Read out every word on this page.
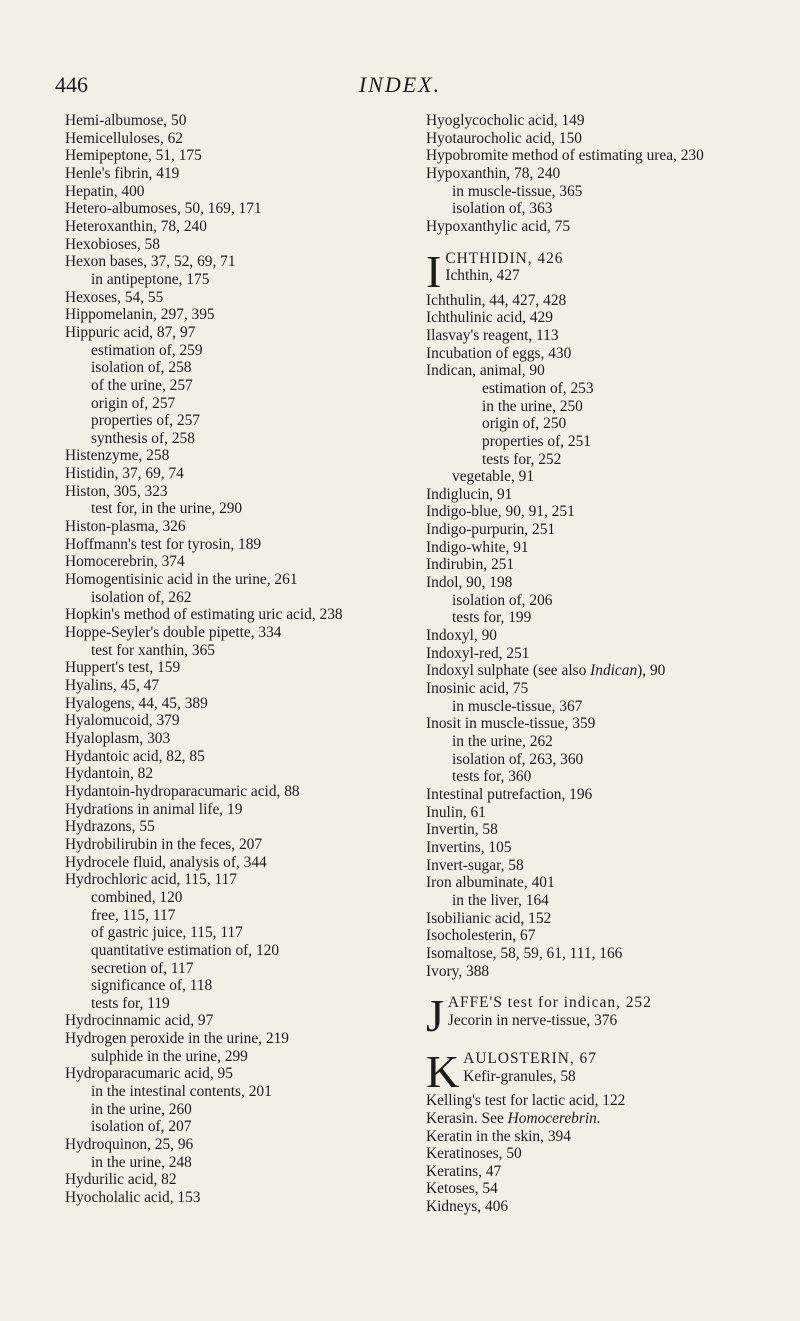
446	INDEX.
Hemi-albumose, 50
Hemicelluloses, 62
Hemipeptone, 51, 175
Henle's fibrin, 419
Hepatin, 400
Hetero-albumoses, 50, 169, 171
Heteroxanthin, 78, 240
Hexobioses, 58
Hexon bases, 37, 52, 69, 71
in antipeptone, 175
Hexoses, 54, 55
Hippomelanin, 297, 395
Hippuric acid, 87, 97
estimation of, 259
isolation of, 258
of the urine, 257
origin of, 257
properties of, 257
synthesis of, 258
Histenzyme, 258
Histidin, 37, 69, 74
Histon, 305, 323
test for, in the urine, 290
Histon-plasma, 326
Hoffmann's test for tyrosin, 189
Homocerebrin, 374
Homogentisinic acid in the urine, 261
isolation of, 262
Hopkin's method of estimating uric acid, 238
Hoppe-Seyler's double pipette, 334
test for xanthin, 365
Huppert's test, 159
Hyalins, 45, 47
Hyalogens, 44, 45, 389
Hyalomucoid, 379
Hyaloplasm, 303
Hydantoic acid, 82, 85
Hydantoin, 82
Hydantoin-hydroparacumaric acid, 88
Hydrations in animal life, 19
Hydrazons, 55
Hydrobilirubin in the feces, 207
Hydrocele fluid, analysis of, 344
Hydrochloric acid, 115, 117
combined, 120
free, 115, 117
of gastric juice, 115, 117
quantitative estimation of, 120
secretion of, 117
significance of, 118
tests for, 119
Hydrocinnamic acid, 97
Hydrogen peroxide in the urine, 219
sulphide in the urine, 299
Hydroparacumaric acid, 95
in the intestinal contents, 201
in the urine, 260
isolation of, 207
Hydroquinon, 25, 96
in the urine, 248
Hydurilic acid, 82
Hyocholalic acid, 153
Hyoglycocholic acid, 149
Hyotaurocholic acid, 150
Hypobromite method of estimating urea, 230
Hypoxanthin, 78, 240
in muscle-tissue, 365
isolation of, 363
Hypoxanthylic acid, 75
I CHTHIDIN, 426
Ichthin, 427
Ichthulin, 44, 427, 428
Ichthulinic acid, 429
Ilasvay's reagent, 113
Incubation of eggs, 430
Indican, animal, 90
estimation of, 253
in the urine, 250
origin of, 250
properties of, 251
tests for, 252
vegetable, 91
Indiglucin, 91
Indigo-blue, 90, 91, 251
Indigo-purpurin, 251
Indigo-white, 91
Indirubin, 251
Indol, 90, 198
isolation of, 206
tests for, 199
Indoxyl, 90
Indoxyl-red, 251
Indoxyl sulphate (see also Indican), 90
Inosinic acid, 75
in muscle-tissue, 367
Inosit in muscle-tissue, 359
in the urine, 262
isolation of, 263, 360
tests for, 360
Intestinal putrefaction, 196
Inulin, 61
Invertin, 58
Invertins, 105
Invert-sugar, 58
Iron albuminate, 401
in the liver, 164
Isobilianic acid, 152
Isocholesterin, 67
Isomaltose, 58, 59, 61, 111, 166
Ivory, 388
J AFFE'S test for indican, 252
Jecorin in nerve-tissue, 376
K AULOSTERIN, 67
Kefir-granules, 58
Kelling's test for lactic acid, 122
Kerasin. See Homocerebrin.
Keratin in the skin, 394
Keratinoses, 50
Keratins, 47
Ketoses, 54
Kidneys, 406
